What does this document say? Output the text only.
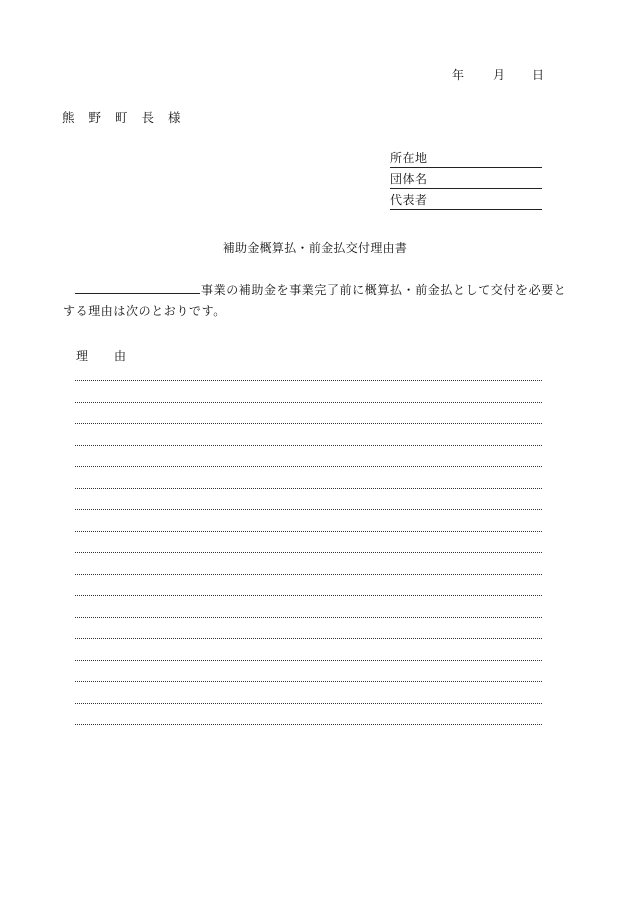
年 月 日
熊野町長様
所在地
団体名
代表者
補助金概算払・前金払交付理由書
事業の補助金を事業完了前に概算払・前金払として交付を必要と
する理由は次のとおりです。
理 由
